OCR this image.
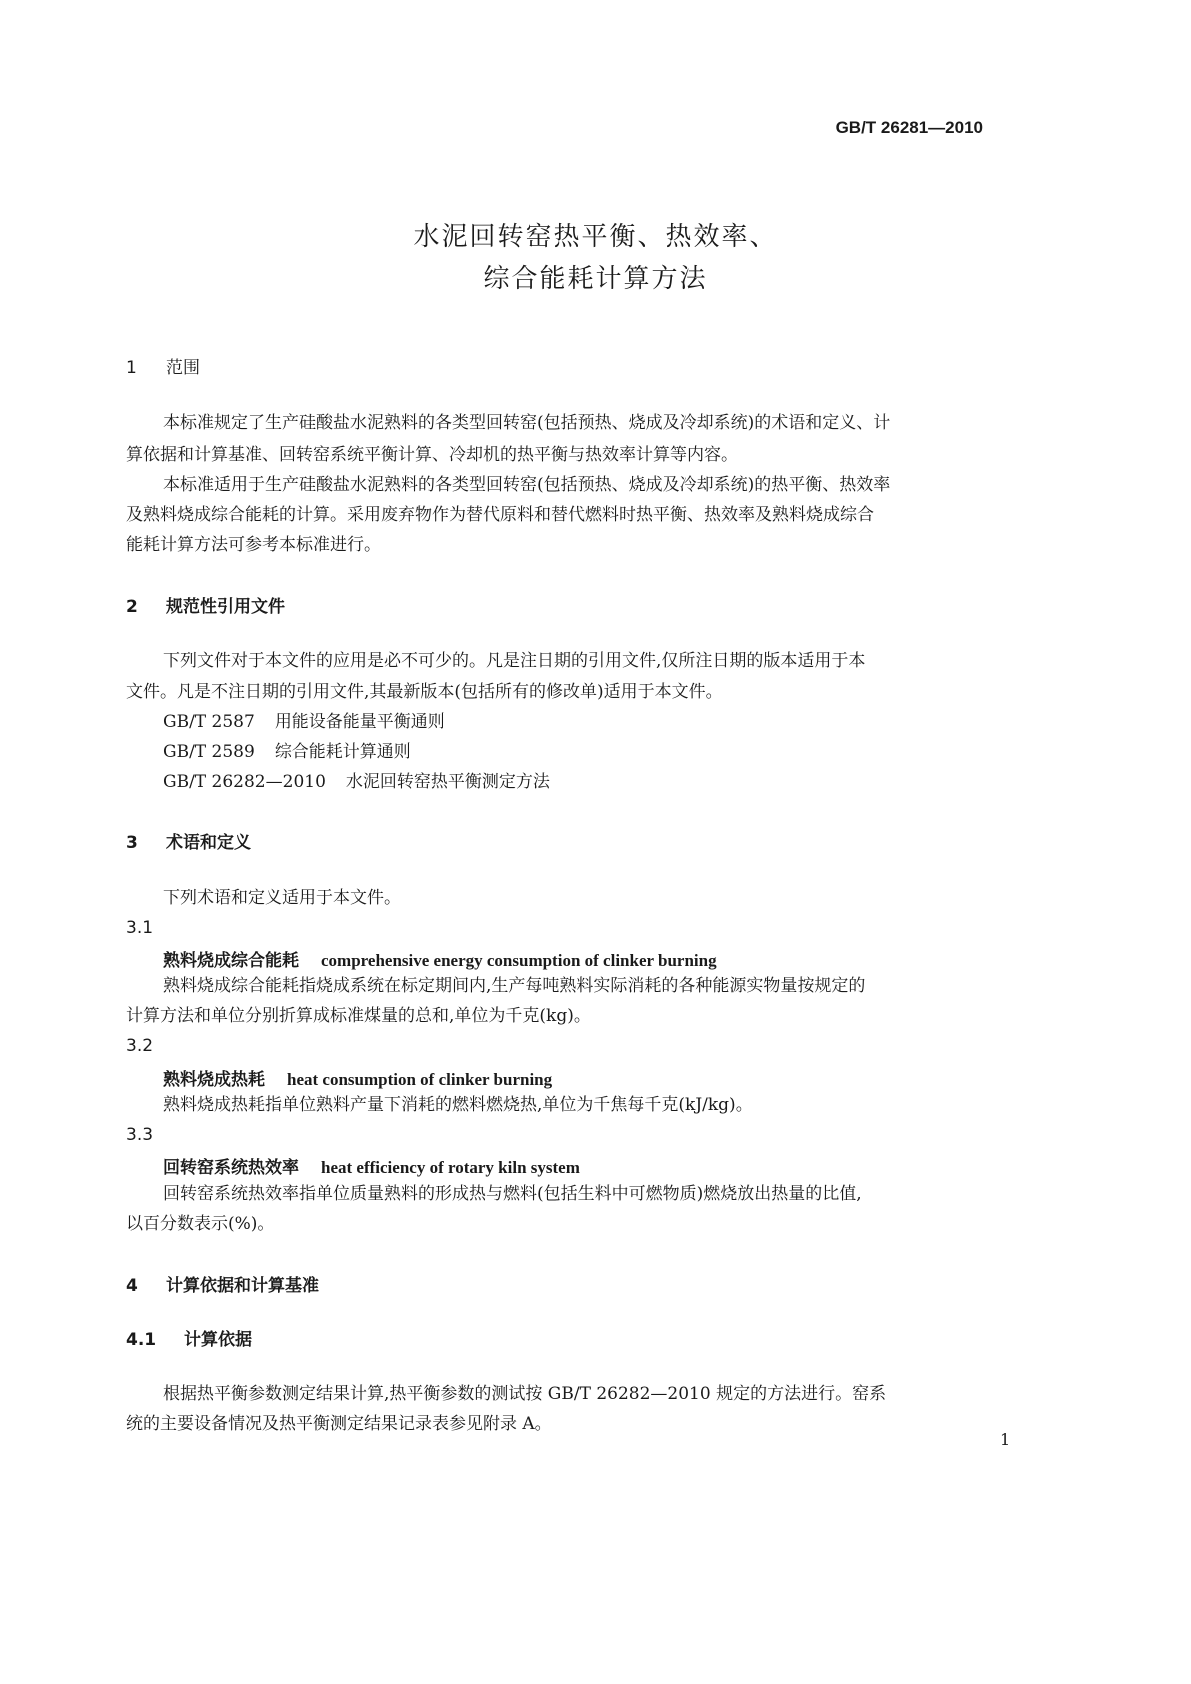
GB/T 26281—2010
水泥回转窑热平衡、热效率、
综合能耗计算方法
1 范围
本标准规定了生产硅酸盐水泥熟料的各类型回转窑(包括预热、烧成及冷却系统)的术语和定义、计
算依据和计算基准、回转窑系统平衡计算、冷却机的热平衡与热效率计算等内容。
本标准适用于生产硅酸盐水泥熟料的各类型回转窑(包括预热、烧成及冷却系统)的热平衡、热效率
及熟料烧成综合能耗的计算。采用废弃物作为替代原料和替代燃料时热平衡、热效率及熟料烧成综合
能耗计算方法可参考本标准进行。
2 规范性引用文件
下列文件对于本文件的应用是必不可少的。凡是注日期的引用文件,仅所注日期的版本适用于本
文件。凡是不注日期的引用文件,其最新版本(包括所有的修改单)适用于本文件。
GB/T 2587 用能设备能量平衡通则
GB/T 2589 综合能耗计算通则
GB/T 26282—2010 水泥回转窑热平衡测定方法
3 术语和定义
下列术语和定义适用于本文件。
3.1
熟料烧成综合能耗 comprehensive energy consumption of clinker burning
熟料烧成综合能耗指烧成系统在标定期间内,生产每吨熟料实际消耗的各种能源实物量按规定的
计算方法和单位分别折算成标准煤量的总和,单位为千克(kg)。
3.2
熟料烧成热耗 heat consumption of clinker burning
熟料烧成热耗指单位熟料产量下消耗的燃料燃烧热,单位为千焦每千克(kJ/kg)。
3.3
回转窑系统热效率 heat efficiency of rotary kiln system
回转窑系统热效率指单位质量熟料的形成热与燃料(包括生料中可燃物质)燃烧放出热量的比值,
以百分数表示(%)。
4 计算依据和计算基准
4.1 计算依据
根据热平衡参数测定结果计算,热平衡参数的测试按 GB/T 26282—2010 规定的方法进行。窑系
统的主要设备情况及热平衡测定结果记录表参见附录 A。
1
